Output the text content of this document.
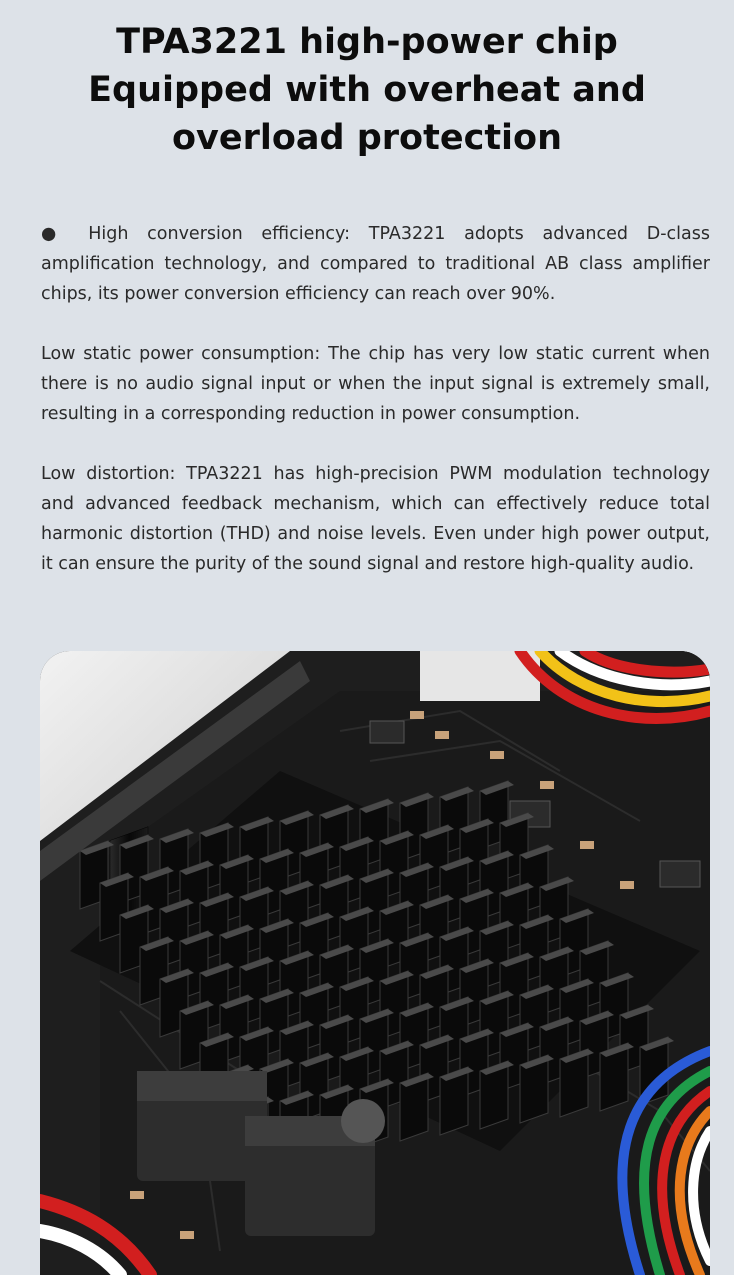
TPA3221 high-power chip
Equipped with overheat and
overload protection

● High conversion efficiency: TPA3221 adopts advanced D-class amplification technology, and compared to traditional AB class amplifier chips, its power conversion efficiency can reach over 90%.

Low static power consumption: The chip has very low static current when there is no audio signal input or when the input signal is extremely small, resulting in a corresponding reduction in power consumption.

Low distortion: TPA3221 has high-precision PWM modulation technology and advanced feedback mechanism, which can effectively reduce total harmonic distortion (THD) and noise levels. Even under high power output, it can ensure the purity of the sound signal and restore high-quality audio.
